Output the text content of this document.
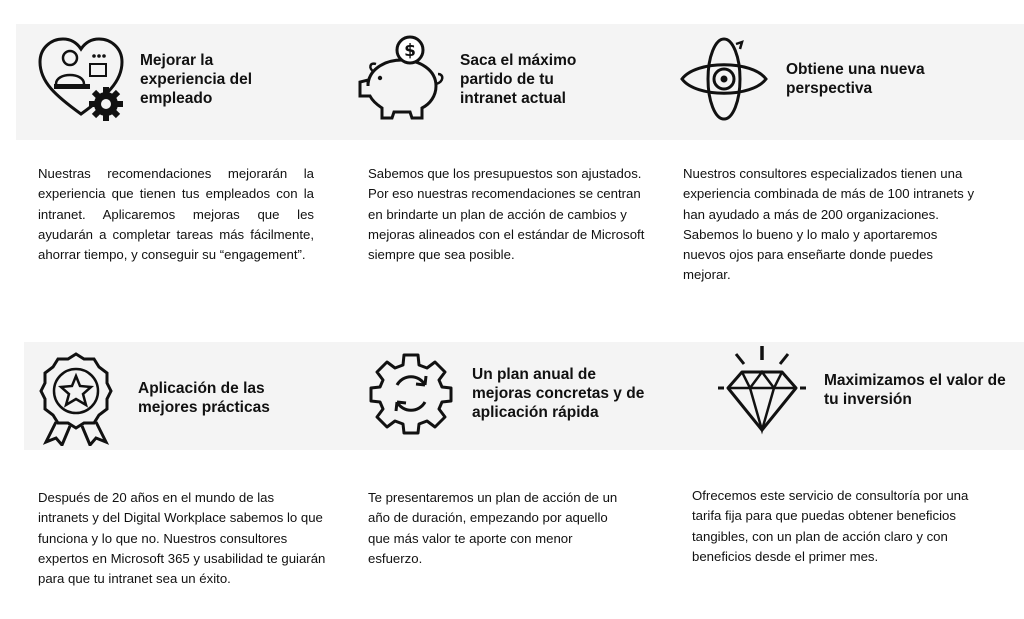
Mejorar la experiencia del empleado
Nuestras recomendaciones mejorarán la experiencia que tienen tus empleados con la intranet. Aplicaremos mejoras que les ayudarán a completar tareas más fácilmente, ahorrar tiempo, y conseguir su “engagement”.
$	Saca el máximo partido de tu intranet actual
Sabemos que los presupuestos son ajustados. Por eso nuestras recomendaciones se centran en brindarte un plan de acción de cambios y mejoras alineados con el estándar de Microsoft siempre que sea posible.
Obtiene una nueva perspectiva
Nuestros consultores especializados tienen una experiencia combinada de más de 100 intranets y han ayudado a más de 200 organizaciones. Sabemos lo bueno y lo malo y aportaremos nuevos ojos para enseñarte donde puedes mejorar.
Aplicación de las mejores prácticas
Después de 20 años en el mundo de las intranets y del Digital Workplace sabemos lo que funciona y lo que no. Nuestros consultores expertos en Microsoft 365 y usabilidad te guiarán para que tu intranet sea un éxito.
Un plan anual de mejoras concretas y de aplicación rápida
Te presentaremos un plan de acción de un año de duración, empezando por aquello que más valor te aporte con menor esfuerzo.
Maximizamos el valor de tu inversión
Ofrecemos este servicio de consultoría por una tarifa fija para que puedas obtener beneficios tangibles, con un plan de acción claro y con beneficios desde el primer mes.
